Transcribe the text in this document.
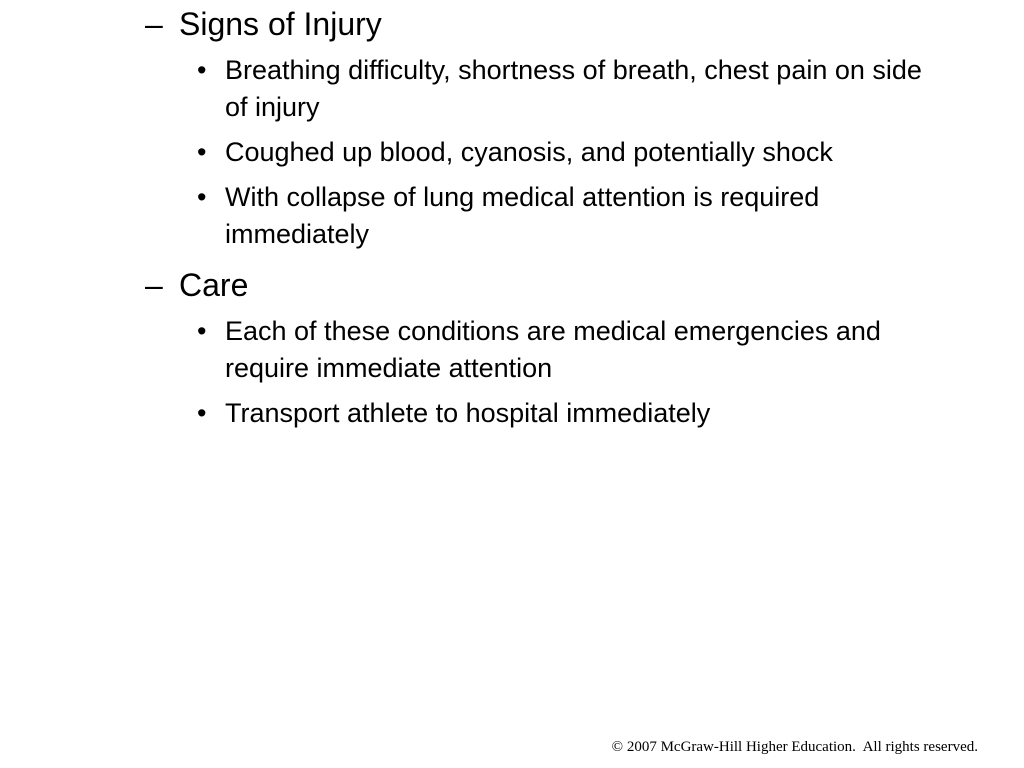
– Signs of Injury
• Breathing difficulty, shortness of breath, chest pain on side of injury
• Coughed up blood, cyanosis, and potentially shock
• With collapse of lung medical attention is required immediately
– Care
• Each of these conditions are medical emergencies and require immediate attention
• Transport athlete to hospital immediately
© 2007 McGraw-Hill Higher Education.  All rights reserved.
